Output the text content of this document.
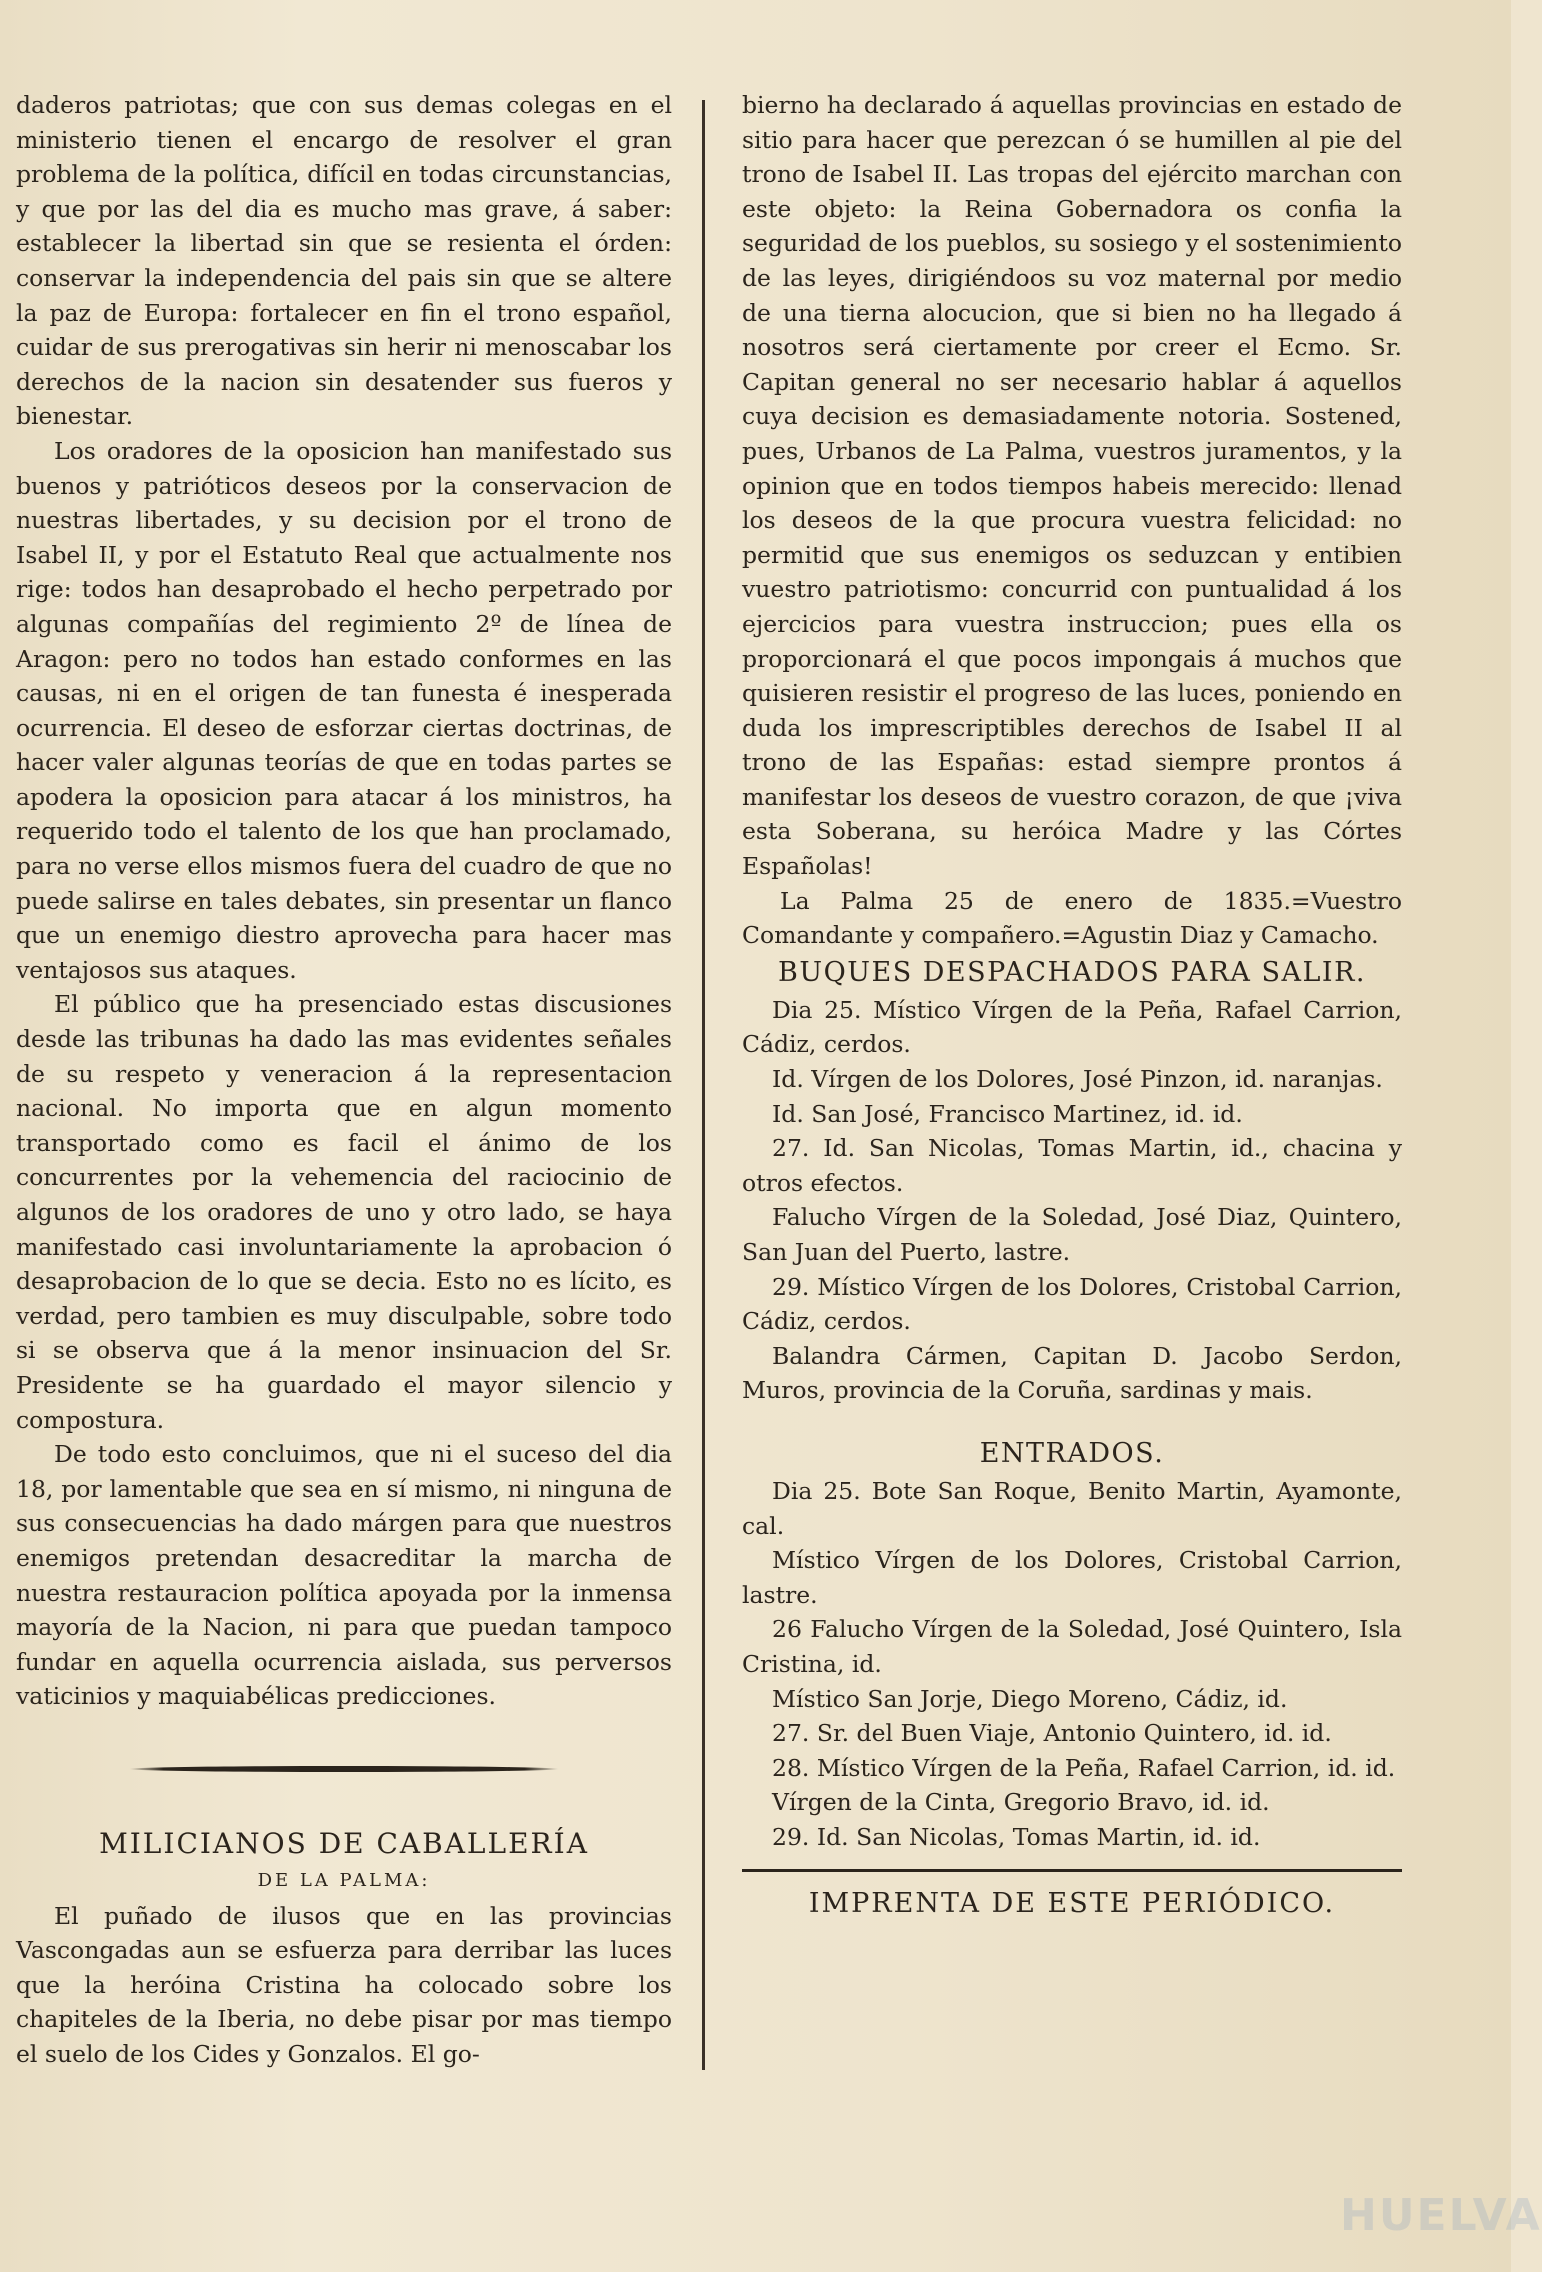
daderos patriotas; que con sus demas colegas en el ministerio tienen el encargo de resolver el gran problema de la política, difícil en todas circunstancias, y que por las del dia es mucho mas grave, á saber: establecer la libertad sin que se resienta el órden: conservar la independencia del pais sin que se altere la paz de Europa: fortalecer en fin el trono español, cuidar de sus prerogativas sin herir ni menoscabar los derechos de la nacion sin desatender sus fueros y bienestar.

Los oradores de la oposicion han manifestado sus buenos y patrióticos deseos por la conservacion de nuestras libertades, y su decision por el trono de Isabel II, y por el Estatuto Real que actualmente nos rige: todos han desaprobado el hecho perpetrado por algunas compañías del regimiento 2º de línea de Aragon: pero no todos han estado conformes en las causas, ni en el origen de tan funesta é inesperada ocurrencia. El deseo de esforzar ciertas doctrinas, de hacer valer algunas teorías de que en todas partes se apodera la oposicion para atacar á los ministros, ha requerido todo el talento de los que han proclamado, para no verse ellos mismos fuera del cuadro de que no puede salirse en tales debates, sin presentar un flanco que un enemigo diestro aprovecha para hacer mas ventajosos sus ataques.

El público que ha presenciado estas discusiones desde las tribunas ha dado las mas evidentes señales de su respeto y veneracion á la representacion nacional. No importa que en algun momento transportado como es facil el ánimo de los concurrentes por la vehemencia del raciocinio de algunos de los oradores de uno y otro lado, se haya manifestado casi involuntariamente la aprobacion ó desaprobacion de lo que se decia. Esto no es lícito, es verdad, pero tambien es muy disculpable, sobre todo si se observa que á la menor insinuacion del Sr. Presidente se ha guardado el mayor silencio y compostura.

De todo esto concluimos, que ni el suceso del dia 18, por lamentable que sea en sí mismo, ni ninguna de sus consecuencias ha dado márgen para que nuestros enemigos pretendan desacreditar la marcha de nuestra restauracion política apoyada por la inmensa mayoría de la Nacion, ni para que puedan tampoco fundar en aquella ocurrencia aislada, sus perversos vaticinios y maquiabélicas predicciones.

MILICIANOS DE CABALLERÍA

DE LA PALMA:

El puñado de ilusos que en las provincias Vascongadas aun se esfuerza para derribar las luces que la heróina Cristina ha colocado sobre los chapiteles de la Iberia, no debe pisar por mas tiempo el suelo de los Cides y Gonzalos. El go-

bierno ha declarado á aquellas provincias en estado de sitio para hacer que perezcan ó se humillen al pie del trono de Isabel II. Las tropas del ejército marchan con este objeto: la Reina Gobernadora os confia la seguridad de los pueblos, su sosiego y el sostenimiento de las leyes, dirigiéndoos su voz maternal por medio de una tierna alocucion, que si bien no ha llegado á nosotros será ciertamente por creer el Ecmo. Sr. Capitan general no ser necesario hablar á aquellos cuya decision es demasiadamente notoria. Sostened, pues, Urbanos de La Palma, vuestros juramentos, y la opinion que en todos tiempos habeis merecido: llenad los deseos de la que procura vuestra felicidad: no permitid que sus enemigos os seduzcan y entibien vuestro patriotismo: concurrid con puntualidad á los ejercicios para vuestra instruccion; pues ella os proporcionará el que pocos impongais á muchos que quisieren resistir el progreso de las luces, poniendo en duda los imprescriptibles derechos de Isabel II al trono de las Españas: estad siempre prontos á manifestar los deseos de vuestro corazon, de que ¡viva esta Soberana, su heróica Madre y las Córtes Españolas!

La Palma 25 de enero de 1835.=Vuestro Comandante y compañero.=Agustin Diaz y Camacho.

BUQUES DESPACHADOS PARA SALIR.

Dia 25. Místico Vírgen de la Peña, Rafael Carrion, Cádiz, cerdos.

Id. Vírgen de los Dolores, José Pinzon, id. naranjas.

Id. San José, Francisco Martinez, id. id.

27. Id. San Nicolas, Tomas Martin, id., chacina y otros efectos.

Falucho Vírgen de la Soledad, José Diaz, Quintero, San Juan del Puerto, lastre.

29. Místico Vírgen de los Dolores, Cristobal Carrion, Cádiz, cerdos.

Balandra Cármen, Capitan D. Jacobo Serdon, Muros, provincia de la Coruña, sardinas y mais.

ENTRADOS.

Dia 25. Bote San Roque, Benito Martin, Ayamonte, cal.

Místico Vírgen de los Dolores, Cristobal Carrion, lastre.

26 Falucho Vírgen de la Soledad, José Quintero, Isla Cristina, id.

Místico San Jorje, Diego Moreno, Cádiz, id.

27. Sr. del Buen Viaje, Antonio Quintero, id. id.

28. Místico Vírgen de la Peña, Rafael Carrion, id. id.

Vírgen de la Cinta, Gregorio Bravo, id. id.

29. Id. San Nicolas, Tomas Martin, id. id.

IMPRENTA DE ESTE PERIÓDICO.

HUELVA
